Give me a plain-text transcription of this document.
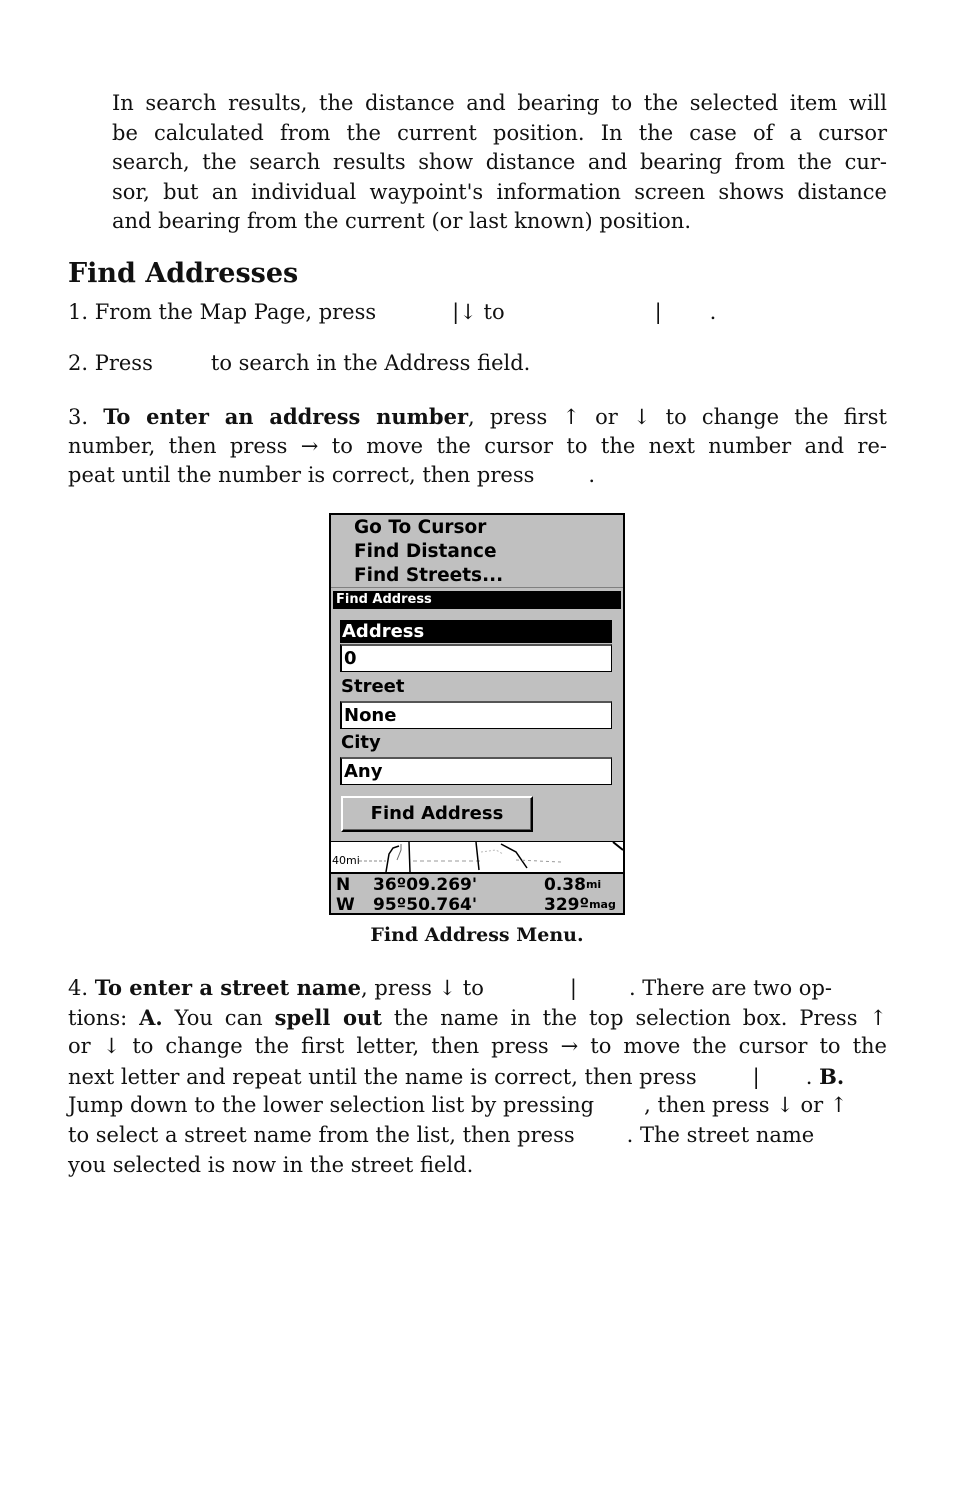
In search results, the distance and bearing to the selected item will
be calculated from the current position. In the case of a cursor
search, the search results show distance and bearing from the cur-
sor, but an individual waypoint's information screen shows distance
and bearing from the current (or last known) position.
Find Addresses
1. From the Map Page, press	|↓ to	| .
2. Press	to search in the Address field.
3. To enter an address number, press ↑ or ↓ to change the first
number, then press → to move the cursor to the next number and re-
peat until the number is correct, then press	.
Go To Cursor
Find Distance
Find Streets...
Find Address
Address
0
Street
None
City
Any
Find Address
40mi
N 36º09.269'	$0.38^{mi}$
W 95º50.764'	329º$^{mag}$

Find Address Menu.

4. To enter a street name, press ↓ to	| . There are two op-
tions: A. You can spell out the name in the top selection box. Press ↑
or ↓ to change the first letter, then press → to move the cursor to the
next letter and repeat until the name is correct, then press	| . B.
Jump down to the lower selection list by pressing , then press ↓ or ↑
to select a street name from the list, then press . The street name
you selected is now in the street field.
